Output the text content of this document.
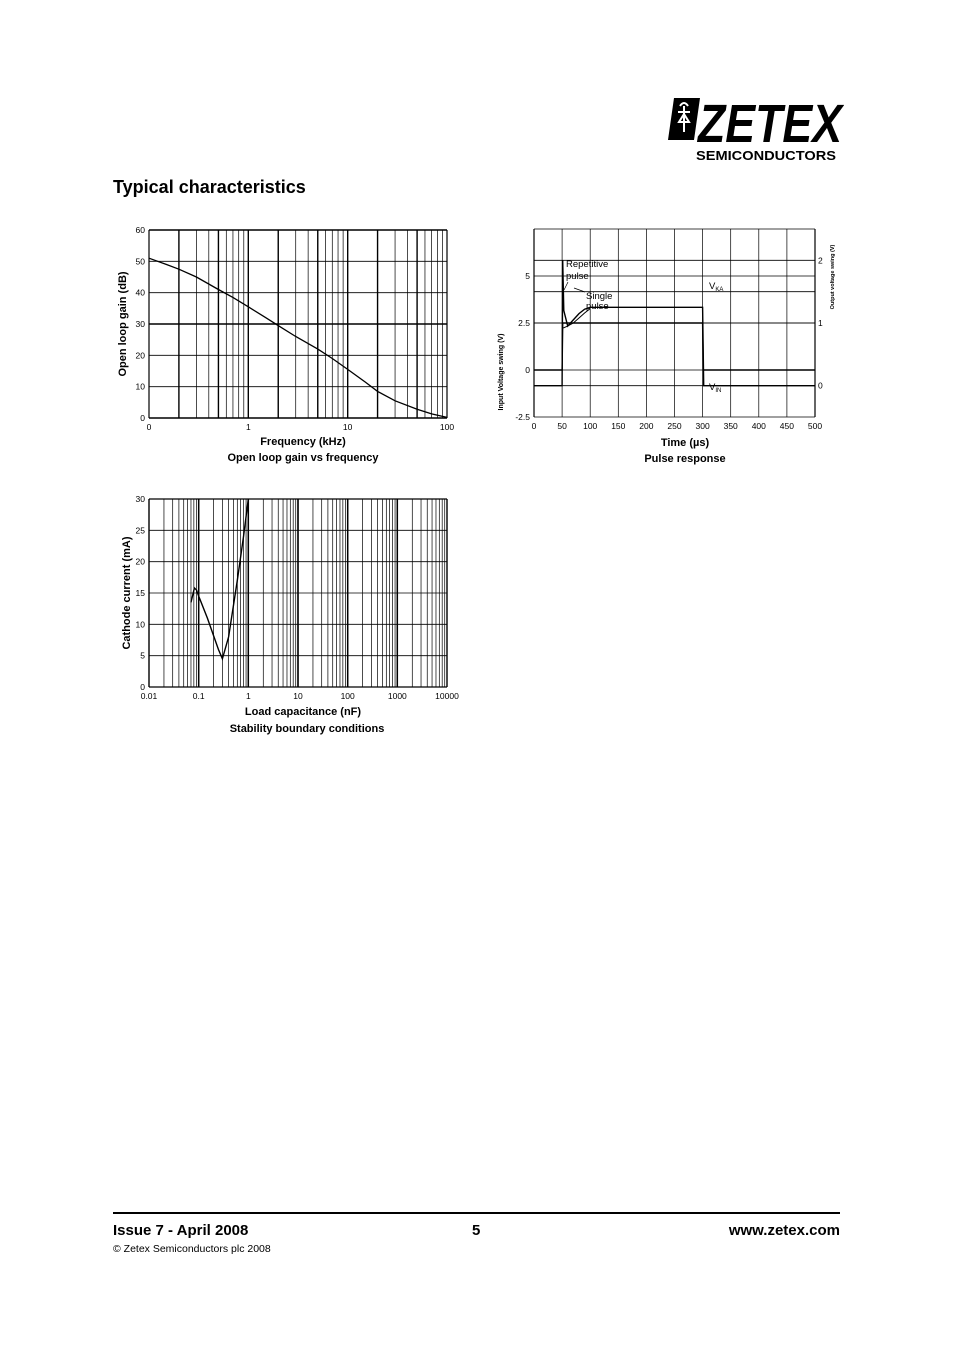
ZETEX
SEMICONDUCTORS
Typical characteristics
0	1	10	100
0
10
20
30
40
50
60
Frequency (kHz)
Open loop gain vs frequency
Open loop gain (dB)
0 50 100 150 200 250 300 350 400 450 500
-2.5
0
2.5
5
0
1
2
Repetitive
pulse
Single
pulse
$V_{KA}$
$V_{IN}$
Time (µs)
Pulse response
Input Voltage swing (V)
Output voltage swing (V)
0.01	0.1	1	10	100	1000	10000
0
5
10
15
20
25
30
Load capacitance (nF)
Stability boundary conditions
Cathode current (mA)
Issue 7 - April 2008	5	www.zetex.com
© Zetex Semiconductors plc 2008
